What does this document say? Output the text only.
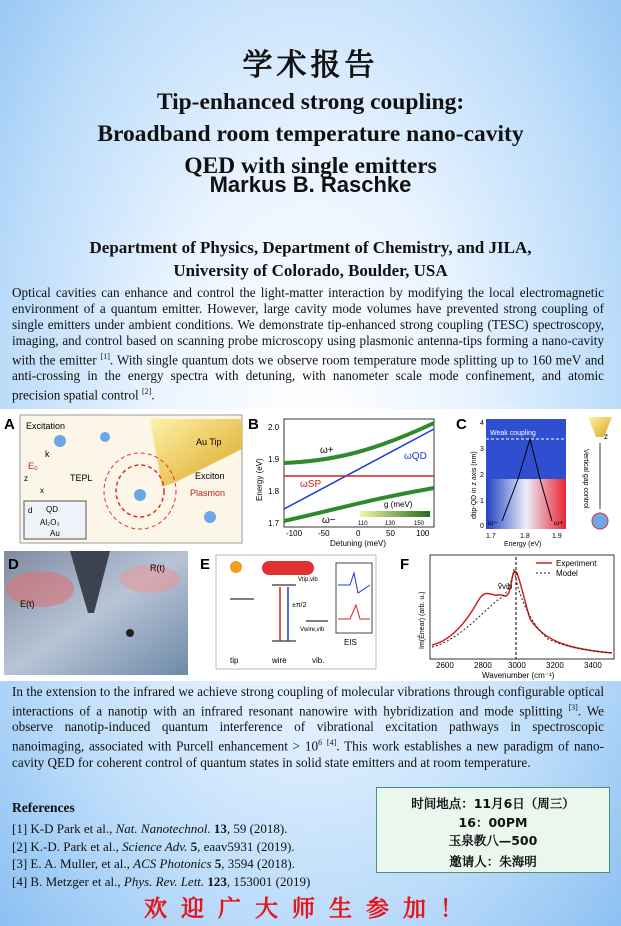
学术报告
Tip-enhanced strong coupling:
Broadband room temperature nano-cavity
QED with single emitters
Markus B. Raschke
Department of Physics, Department of Chemistry, and JILA,
University of Colorado, Boulder, USA
Optical cavities can enhance and control the light-matter interaction by modifying the local electromagnetic environment of a quantum emitter. However, large cavity mode volumes have prevented strong coupling of single emitters under ambient conditions. We demonstrate tip-enhanced strong coupling (TESC) spectroscopy, imaging, and control based on scanning probe microscopy using plasmonic antenna-tips forming a nano-cavity with the emitter [1]. With single quantum dots we observe room temperature mode splitting up to 160 meV and anti-crossing in the energy spectra with detuning, with nanometer scale mode confinement, and atomic precision spatial control [2].
A Excitation
Au Tip
TEPL	Exciton
Plasmon
k
E₀
z
x
d QD
Al₂O₃
Au
B
ω+
ω−
ωQD
ωSP
g (meV)
110	130	150
1.7
1.8
1.9
2.0
-100 -50	0	50	100
Detuning (meV)
Energy (eV)
C
Weak coupling
ω−	ω+
0
1
2
3
4
1.7	1.8	1.9
Energy (eV)
dtip-QD in z axis (nm)
z
Vertical gap control
D	R(t)
E(t)
E
Vtip,vib
±π/2
Vwire,vib
EIS
tip	wire	vib.
F
ṽvib
Experiment
Model
2600	2800 3000	3200	3400
Wavenumber (cm⁻¹)
Im(Ẽnear) (arb. u.)
In the extension to the infrared we achieve strong coupling of molecular vibrations through configurable optical interactions of a nanotip with an infrared resonant nanowire with hybridization and mode splitting [3]. We observe nanotip-induced quantum interference of vibrational excitation pathways in spectroscopic nanoimaging, associated with Purcell enhancement > $10^6$ [4]. This work establishes a new paradigm of nano-cavity QED for coherent control of quantum states in solid state emitters and at room temperature.
References
[1] K-D Park et al., Nat. Nanotechnol. 13, 59 (2018).
[2] K.-D. Park et al., Science Adv. 5, eaav5931 (2019).
[3] E. A. Muller, et al., ACS Photonics 5, 3594 (2018).
[4] B. Metzger et al., Phys. Rev. Lett. 123, 153001 (2019)
时间地点：11月6日（周三）
16：00PM
玉泉教八—500
邀请人：朱海明
欢迎广大师生参加！
